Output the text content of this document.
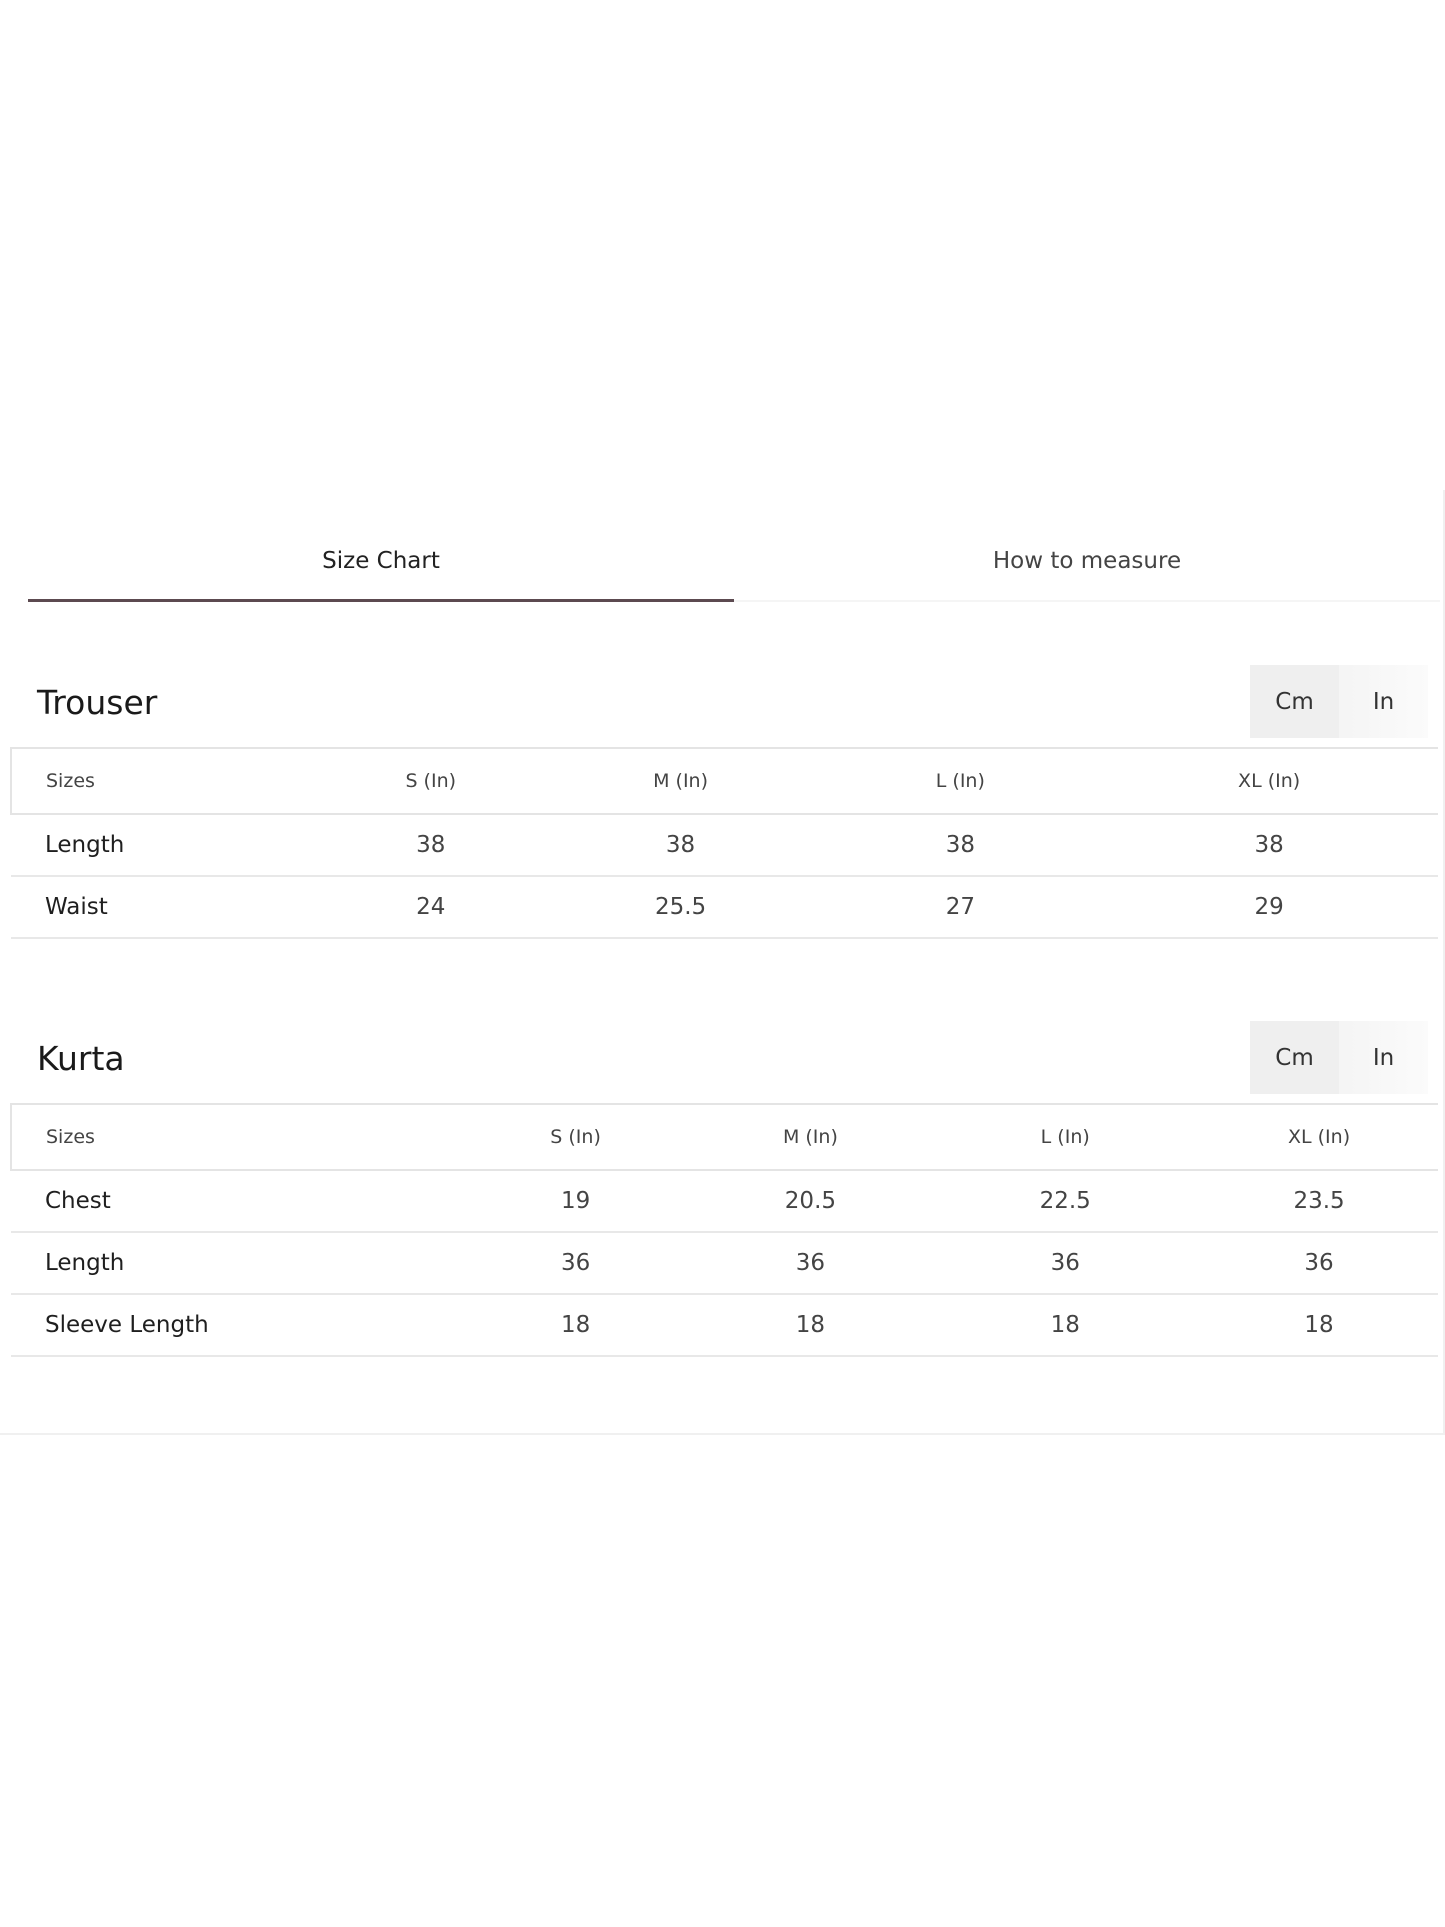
Size Chart	How to measure
Trouser	Cm	In
Sizes	S (In)	M (In)	L (In)	XL (In)
Length	38	38	38	38
Waist	24	25.5	27	29
Kurta	Cm	In
Sizes	S (In)	M (In)	L (In)	XL (In)
Chest	19	20.5	22.5	23.5
Length	36	36	36	36
Sleeve Length	18	18	18	18
